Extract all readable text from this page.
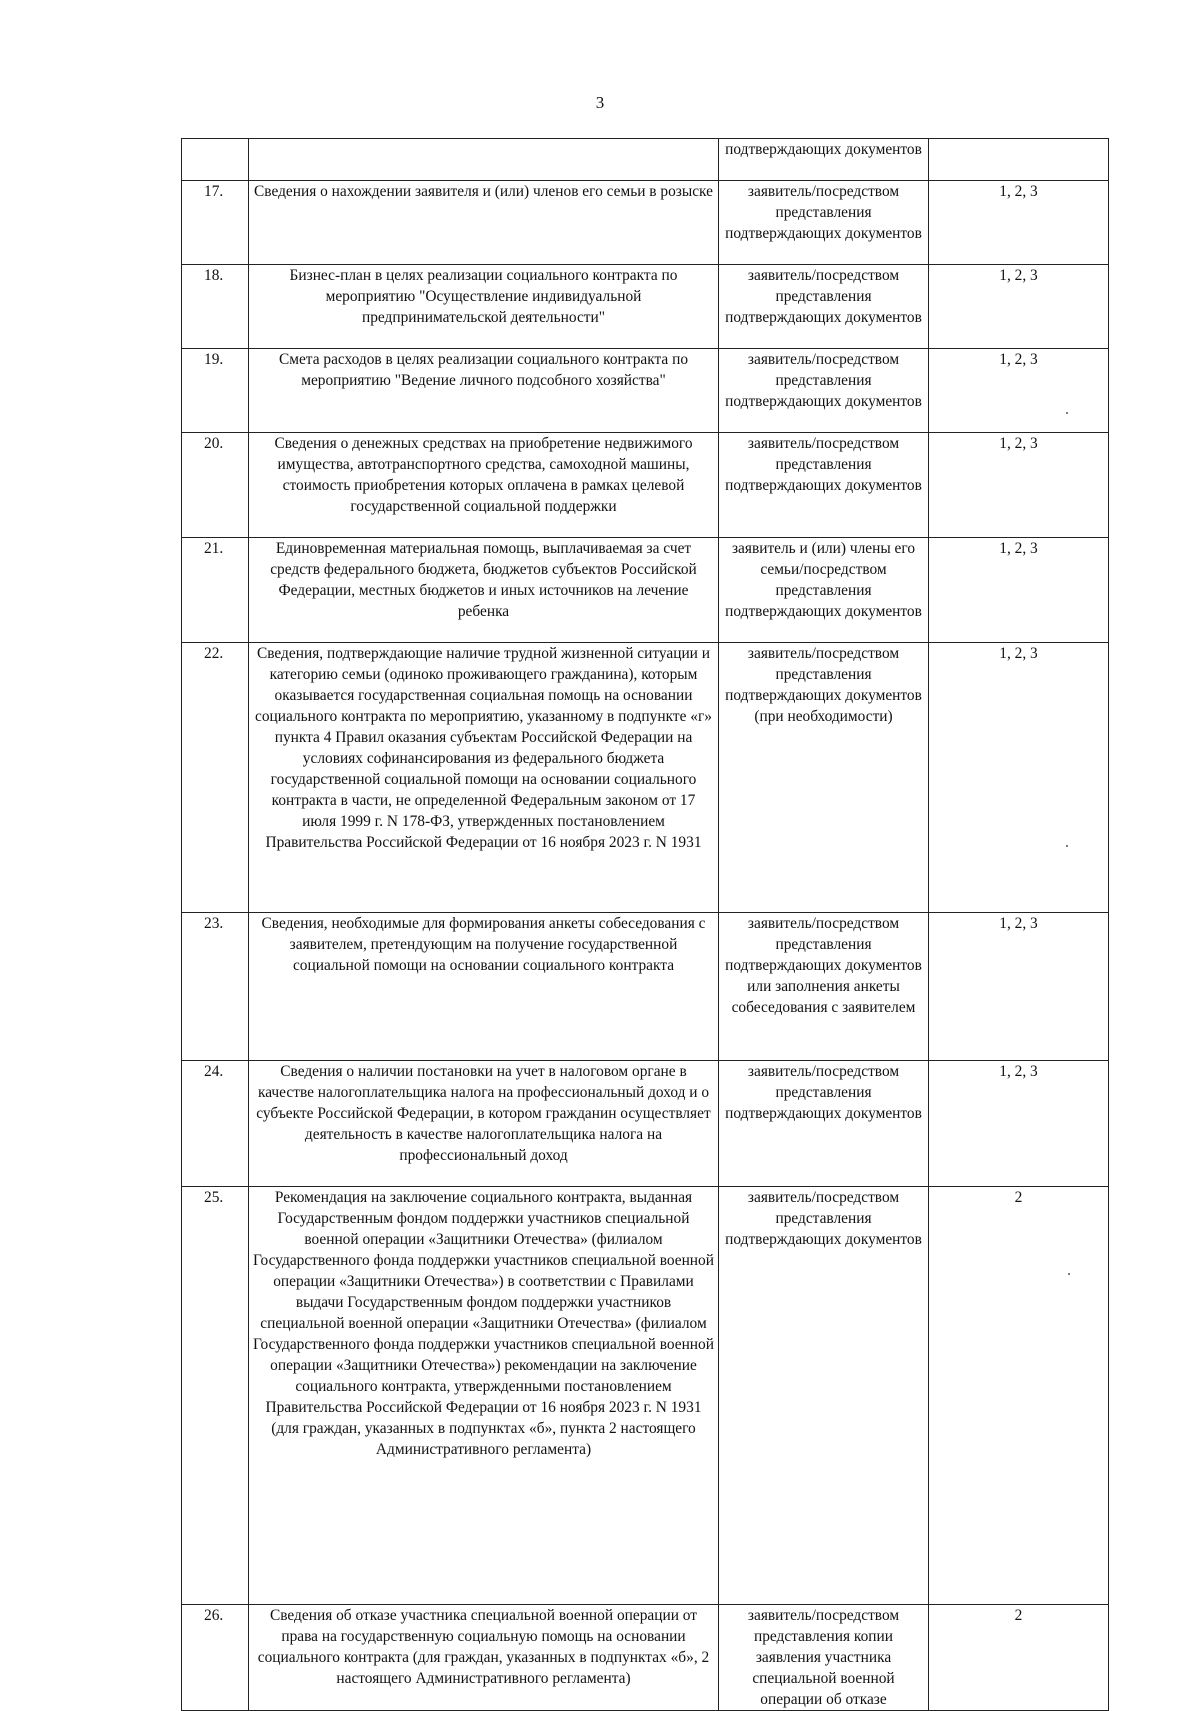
3
		подтверждающих документов	
17.	Сведения о нахождении заявителя и (или) членов его семьи в розыске	заявитель/посредством представления подтверждающих документов	1, 2, 3
18.	Бизнес-план в целях реализации социального контракта по мероприятию "Осуществление индивидуальной предпринимательской деятельности"	заявитель/посредством представления подтверждающих документов	1, 2, 3
19.	Смета расходов в целях реализации социального контракта по мероприятию "Ведение личного подсобного хозяйства"	заявитель/посредством представления подтверждающих документов	1, 2, 3
20.	Сведения о денежных средствах на приобретение недвижимого имущества, автотранспортного средства, самоходной машины, стоимость приобретения которых оплачена в рамках целевой государственной социальной поддержки	заявитель/посредством представления подтверждающих документов	1, 2, 3
21.	Единовременная материальная помощь, выплачиваемая за счет средств федерального бюджета, бюджетов субъектов Российской Федерации, местных бюджетов и иных источников на лечение ребенка	заявитель и (или) члены его семьи/посредством представления подтверждающих документов	1, 2, 3
22.	Сведения, подтверждающие наличие трудной жизненной ситуации и категорию семьи (одиноко проживающего гражданина), которым оказывается государственная социальная помощь на основании социального контракта по мероприятию, указанному в подпункте «г» пункта 4 Правил оказания субъектам Российской Федерации на условиях софинансирования из федерального бюджета государственной социальной помощи на основании социального контракта в части, не определенной Федеральным законом от 17 июля 1999 г. N 178-ФЗ, утвержденных постановлением Правительства Российской Федерации от 16 ноября 2023 г. N 1931	заявитель/посредством представления подтверждающих документов (при необходимости)	1, 2, 3
23.	Сведения, необходимые для формирования анкеты собеседования с заявителем, претендующим на получение государственной социальной помощи на основании социального контракта	заявитель/посредством представления подтверждающих документов или заполнения анкеты собеседования с заявителем	1, 2, 3
24.	Сведения о наличии постановки на учет в налоговом органе в качестве налогоплательщика налога на профессиональный доход и о субъекте Российской Федерации, в котором гражданин осуществляет деятельность в качестве налогоплательщика налога на профессиональный доход	заявитель/посредством представления подтверждающих документов	1, 2, 3
25.	Рекомендация на заключение социального контракта, выданная Государственным фондом поддержки участников специальной военной операции «Защитники Отечества» (филиалом Государственного фонда поддержки участников специальной военной операции «Защитники Отечества») в соответствии с Правилами выдачи Государственным фондом поддержки участников специальной военной операции «Защитники Отечества» (филиалом Государственного фонда поддержки участников специальной военной операции «Защитники Отечества») рекомендации на заключение социального контракта, утвержденными постановлением Правительства Российской Федерации от 16 ноября 2023 г. N 1931 (для граждан, указанных в подпунктах «б», пункта 2 настоящего Административного регламента)	заявитель/посредством представления подтверждающих документов	2
26.	Сведения об отказе участника специальной военной операции от права на государственную социальную помощь на основании социального контракта (для граждан, указанных в подпунктах «б», 2 настоящего Административного регламента)	заявитель/посредством представления копии заявления участника специальной военной операции об отказе	2
